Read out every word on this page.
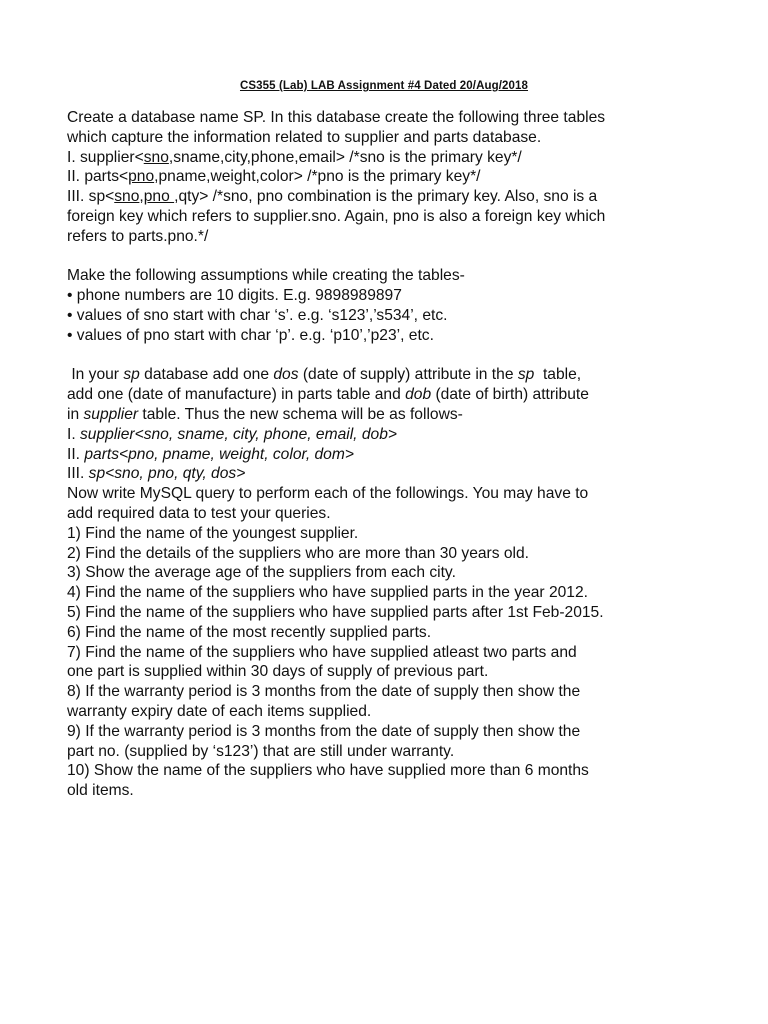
CS355 (Lab) LAB Assignment #4 Dated 20/Aug/2018
Create a database name SP. In this database create the following three tables
which capture the information related to supplier and parts database.
I. supplier<sno,sname,city,phone,email> /*sno is the primary key*/
II. parts<pno,pname,weight,color> /*pno is the primary key*/
III. sp<sno,pno ,qty> /*sno, pno combination is the primary key. Also, sno is a
foreign key which refers to supplier.sno. Again, pno is also a foreign key which
refers to parts.pno.*/
Make the following assumptions while creating the tables-
• phone numbers are 10 digits. E.g. 9898989897
• values of sno start with char ‘s’. e.g. ‘s123’,’s534’, etc.
• values of pno start with char ‘p’. e.g. ‘p10’,’p23’, etc.
In your sp database add one dos (date of supply) attribute in the sp  table,
add one (date of manufacture) in parts table and dob (date of birth) attribute
in supplier table. Thus the new schema will be as follows-
I. supplier<sno, sname, city, phone, email, dob>
II. parts<pno, pname, weight, color, dom>
III. sp<sno, pno, qty, dos>
Now write MySQL query to perform each of the followings. You may have to
add required data to test your queries.
1) Find the name of the youngest supplier.
2) Find the details of the suppliers who are more than 30 years old.
3) Show the average age of the suppliers from each city.
4) Find the name of the suppliers who have supplied parts in the year 2012.
5) Find the name of the suppliers who have supplied parts after 1st Feb-2015.
6) Find the name of the most recently supplied parts.
7) Find the name of the suppliers who have supplied atleast two parts and
one part is supplied within 30 days of supply of previous part.
8) If the warranty period is 3 months from the date of supply then show the
warranty expiry date of each items supplied.
9) If the warranty period is 3 months from the date of supply then show the
part no. (supplied by ‘s123’) that are still under warranty.
10) Show the name of the suppliers who have supplied more than 6 months
old items.
